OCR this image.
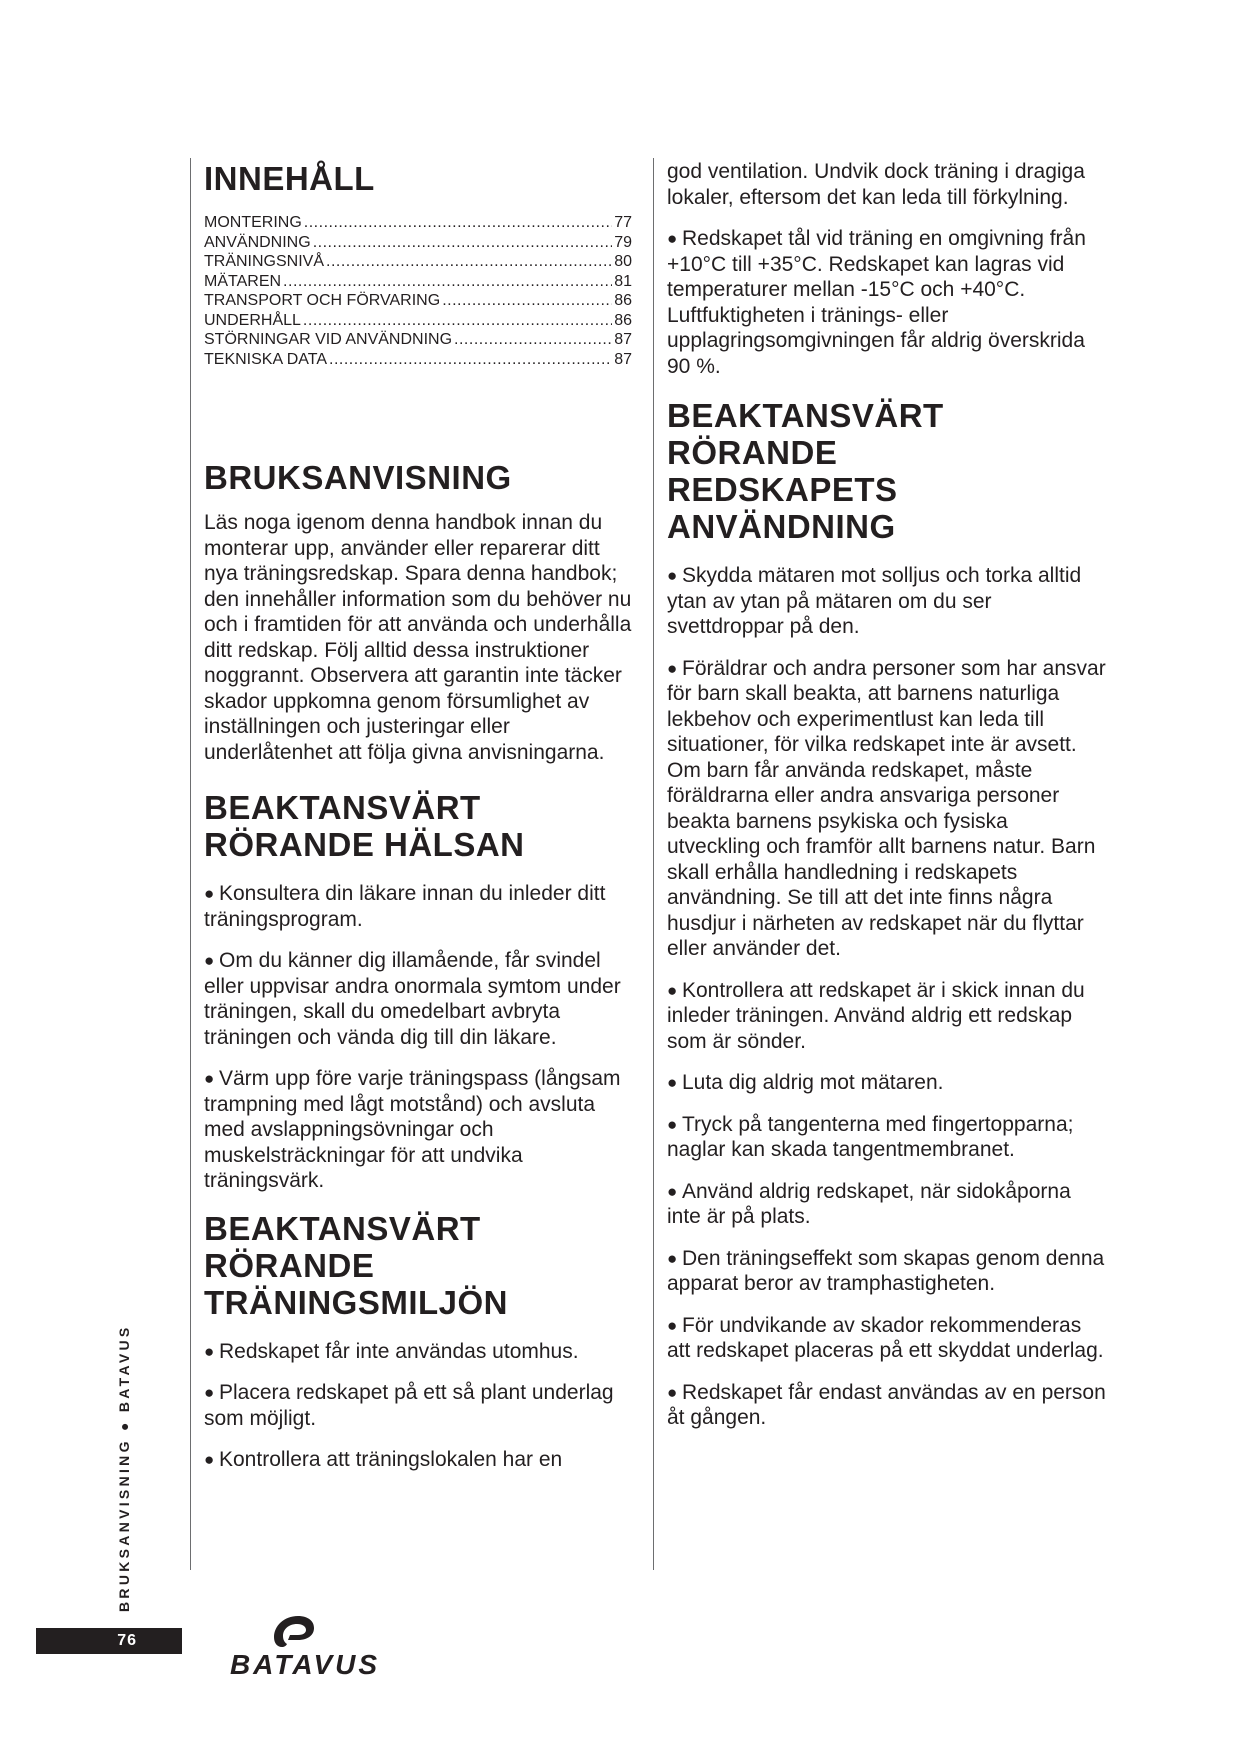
INNEHÅLL
MONTERING .....	77
ANVÄNDNING .....	79
TRÄNINGSNIVÅ .....	80
MÄTAREN .....	81
TRANSPORT OCH FÖRVARING .....	86
UNDERHÅLL .....	86
STÖRNINGAR VID ANVÄNDNING .....	87
TEKNISKA DATA .....	87
BRUKSANVISNING

Läs noga igenom denna handbok innan du monterar upp, använder eller reparerar ditt nya träningsredskap. Spara denna handbok; den innehåller information som du behöver nu och i framtiden för att använda och underhålla ditt redskap. Följ alltid dessa instruktioner noggrannt. Observera att garantin inte täcker skador uppkomna genom försumlighet av inställningen och justeringar eller underlåtenhet att följa givna anvisningarna.

BEAKTANSVÄRT
RÖRANDE HÄLSAN
● Konsultera din läkare innan du inleder ditt träningsprogram.
● Om du känner dig illamående, får svindel eller uppvisar andra onormala symtom under träningen, skall du omedelbart avbryta träningen och vända dig till din läkare.
● Värm upp före varje träningspass (långsam trampning med lågt motstånd) och avsluta med avslappningsövningar och muskelsträckningar för att undvika träningsvärk.
BEAKTANSVÄRT
RÖRANDE
TRÄNINGSMILJÖN
● Redskapet får inte användas utomhus.
● Placera redskapet på ett så plant underlag som möjligt.
● Kontrollera att träningslokalen har en

god ventilation. Undvik dock träning i dragiga lokaler, eftersom det kan leda till förkylning.

● Redskapet tål vid träning en omgivning från +10°C till +35°C. Redskapet kan lagras vid temperaturer mellan -15°C och +40°C. Luftfuktigheten i tränings- eller upplagringsomgivningen får aldrig överskrida 90 %.
BEAKTANSVÄRT
RÖRANDE
REDSKAPETS
ANVÄNDNING
● Skydda mätaren mot solljus och torka alltid ytan av ytan på mätaren om du ser svettdroppar på den.
● Föräldrar och andra personer som har ansvar för barn skall beakta, att barnens naturliga lekbehov och experimentlust kan leda till situationer, för vilka redskapet inte är avsett. Om barn får använda redskapet, måste föräldrarna eller andra ansvariga personer beakta barnens psykiska och fysiska utveckling och framför allt barnens natur. Barn skall erhålla handledning i redskapets användning. Se till att det inte finns några husdjur i närheten av redskapet när du flyttar eller använder det.
● Kontrollera att redskapet är i skick innan du inleder träningen. Använd aldrig ett redskap som är sönder.
● Luta dig aldrig mot mätaren.
● Tryck på tangenterna med fingertopparna; naglar kan skada tangentmembranet.
● Använd aldrig redskapet, när sidokåporna inte är på plats.
● Den träningseffekt som skapas genom denna apparat beror av tramphastigheten.
● För undvikande av skador rekommenderas att redskapet placeras på ett skyddat underlag.
● Redskapet får endast användas av en person åt gången.
BRUKSANVISNING ● BATAVUS
76
BATAVUS
